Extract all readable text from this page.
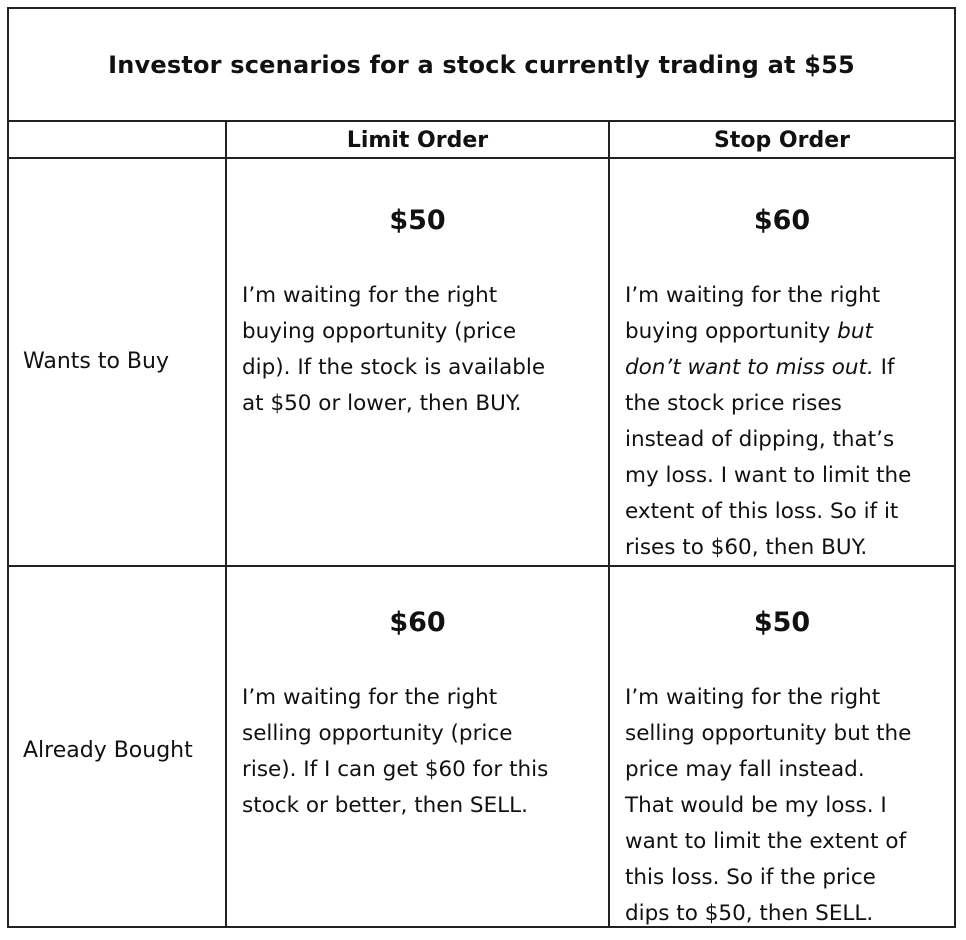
Investor scenarios for a stock currently trading at $55
Limit Order	Stop Order
Wants to Buy
Already Bought
$50
I’m waiting for the right
buying opportunity (price
dip). If the stock is available
at $50 or lower, then BUY.
$60
I’m waiting for the right
buying opportunity but
don’t want to miss out. If
the stock price rises
instead of dipping, that’s
my loss. I want to limit the
extent of this loss. So if it
rises to $60, then BUY.
$60
I’m waiting for the right
selling opportunity (price
rise). If I can get $60 for this
stock or better, then SELL.
$50
I’m waiting for the right
selling opportunity but the
price may fall instead.
That would be my loss. I
want to limit the extent of
this loss. So if the price
dips to $50, then SELL.
